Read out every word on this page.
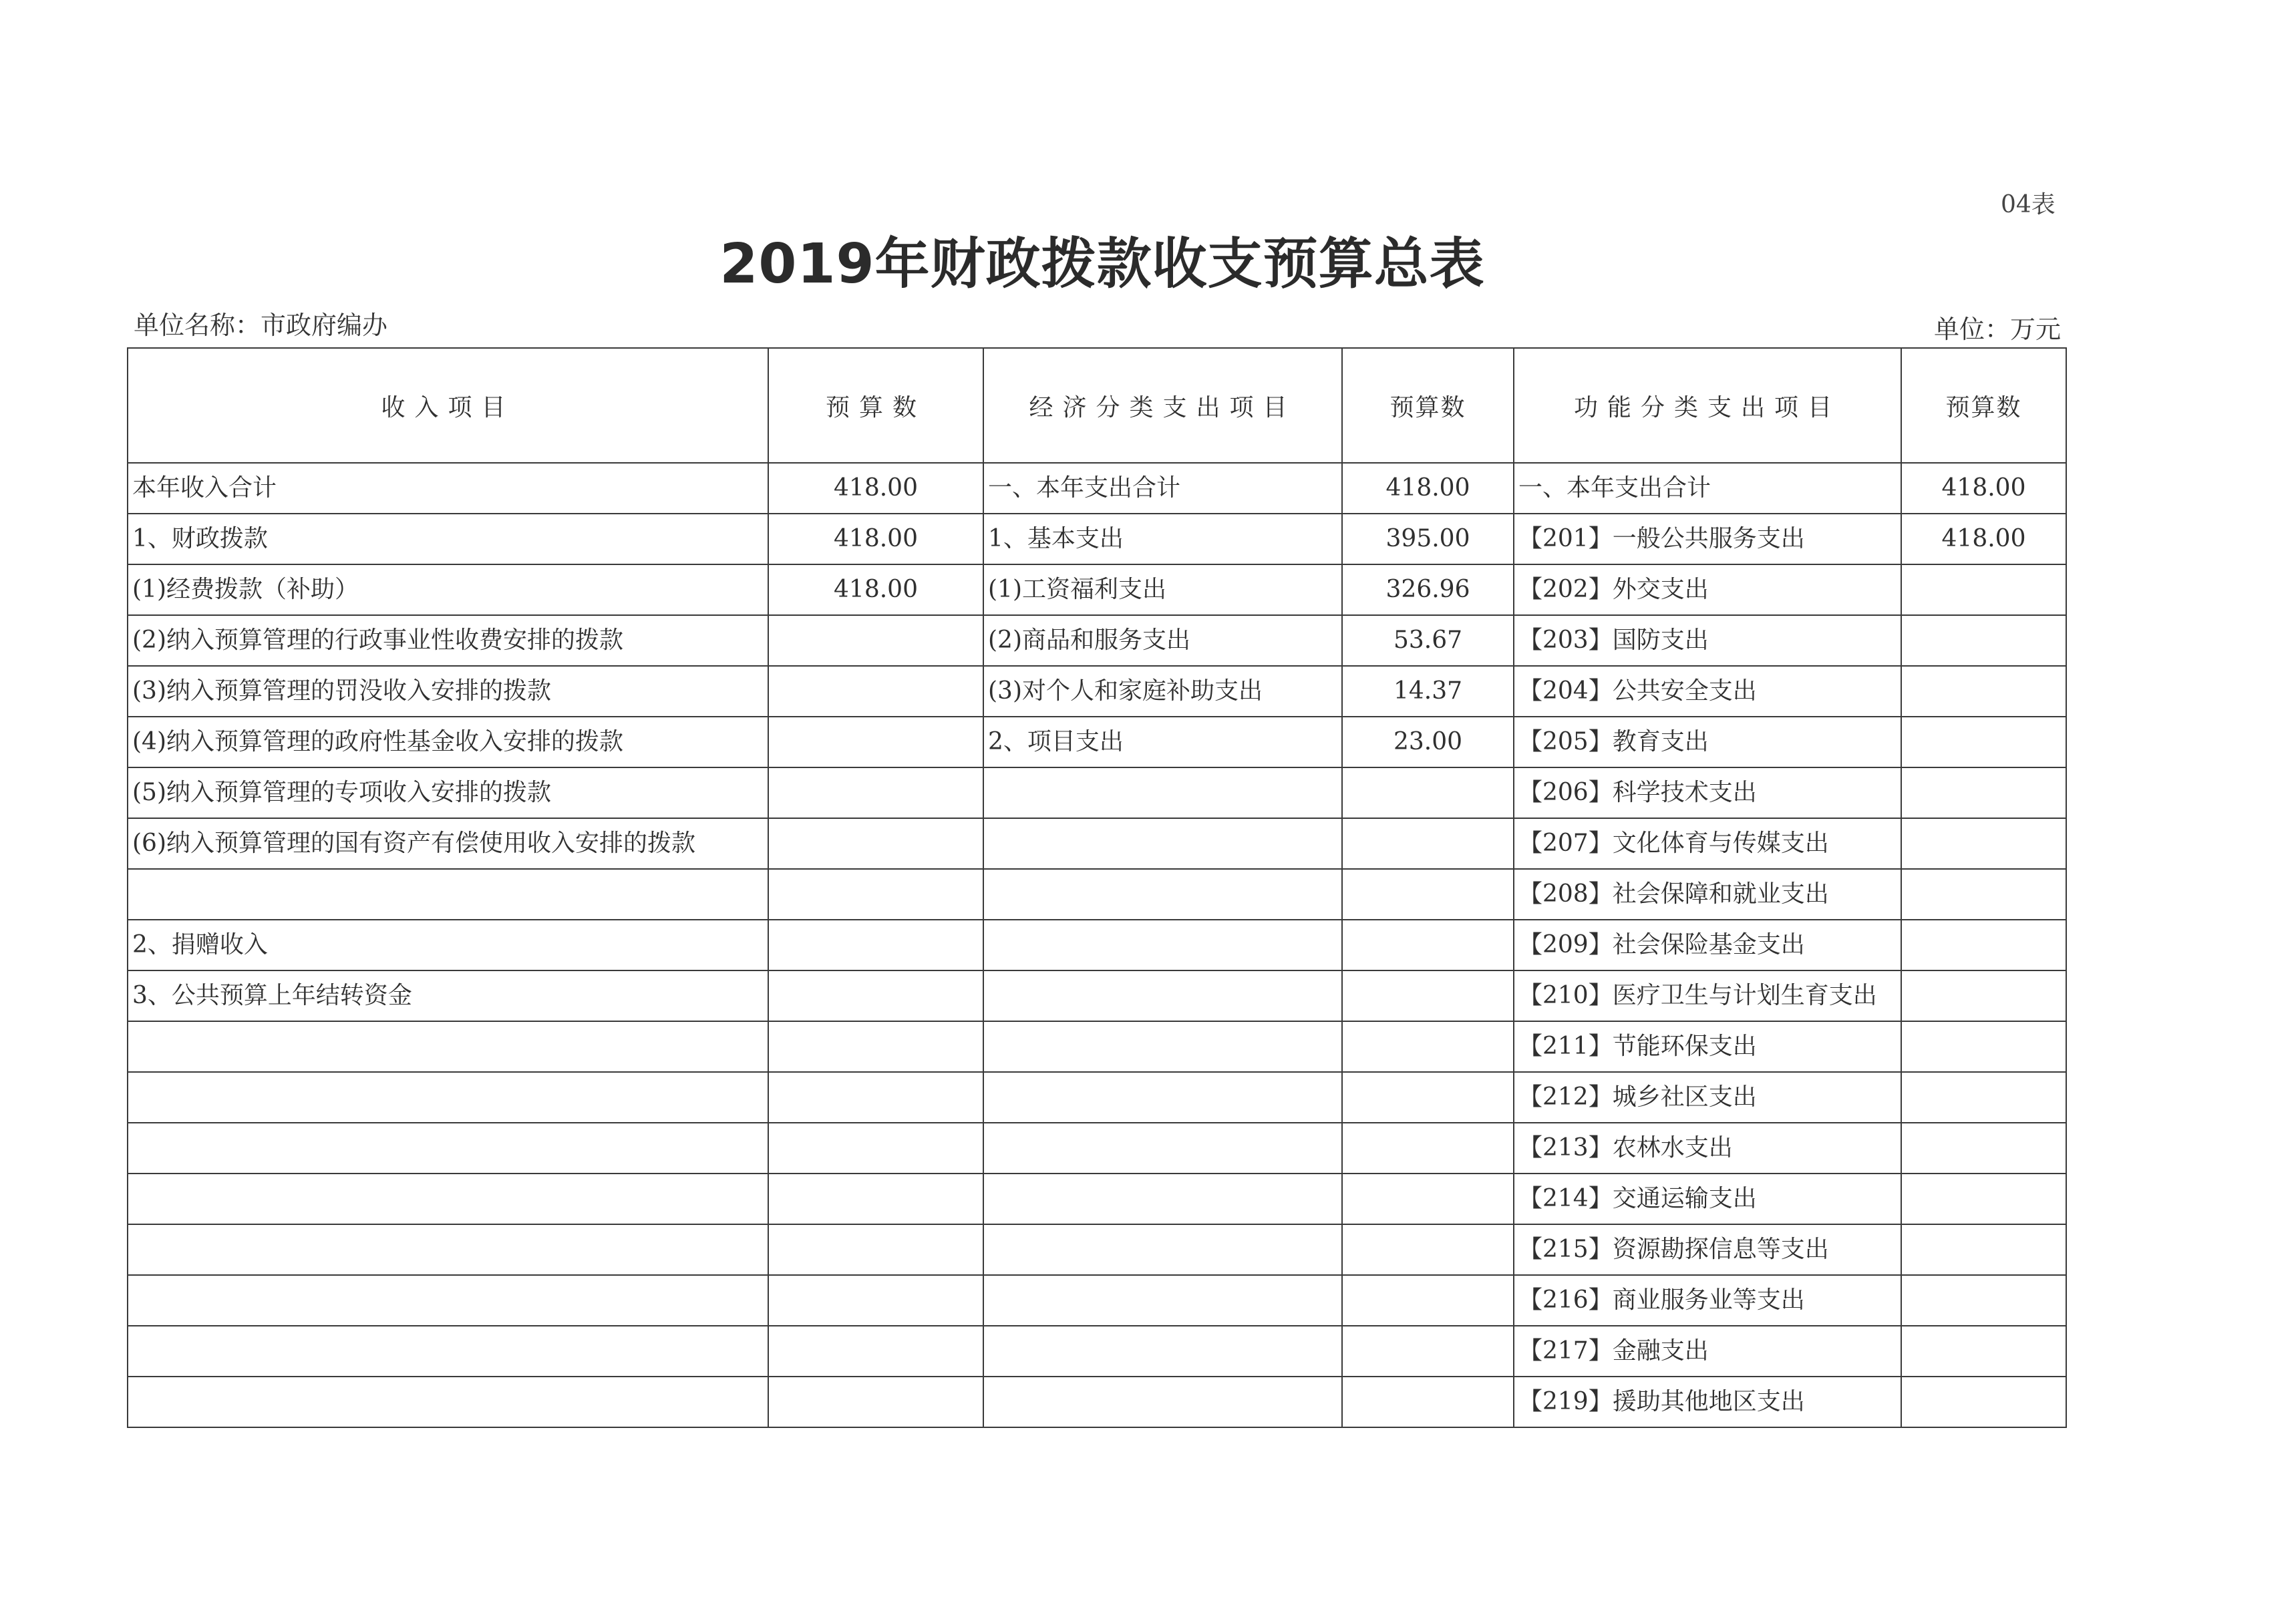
04表
2019年财政拨款收支预算总表
单位名称：市政府编办	单位：万元
收入项目	预算数	经济分类支出项目	预算数	功能分类支出项目	预算数
本年收入合计	418.00	一、本年支出合计	418.00	一、本年支出合计	418.00
1、财政拨款	418.00	1、基本支出	395.00	【201】一般公共服务支出	418.00
(1)经费拨款（补助）	418.00	(1)工资福利支出	326.96	【202】外交支出	
(2)纳入预算管理的行政事业性收费安排的拨款		(2)商品和服务支出	53.67	【203】国防支出	
(3)纳入预算管理的罚没收入安排的拨款		(3)对个人和家庭补助支出	14.37	【204】公共安全支出	
(4)纳入预算管理的政府性基金收入安排的拨款		2、项目支出	23.00	【205】教育支出	
(5)纳入预算管理的专项收入安排的拨款				【206】科学技术支出	
(6)纳入预算管理的国有资产有偿使用收入安排的拨款				【207】文化体育与传媒支出	
				【208】社会保障和就业支出	
2、捐赠收入				【209】社会保险基金支出	
3、公共预算上年结转资金				【210】医疗卫生与计划生育支出	
				【211】节能环保支出	
				【212】城乡社区支出	
				【213】农林水支出	
				【214】交通运输支出	
				【215】资源勘探信息等支出	
				【216】商业服务业等支出	
				【217】金融支出	
				【219】援助其他地区支出	
